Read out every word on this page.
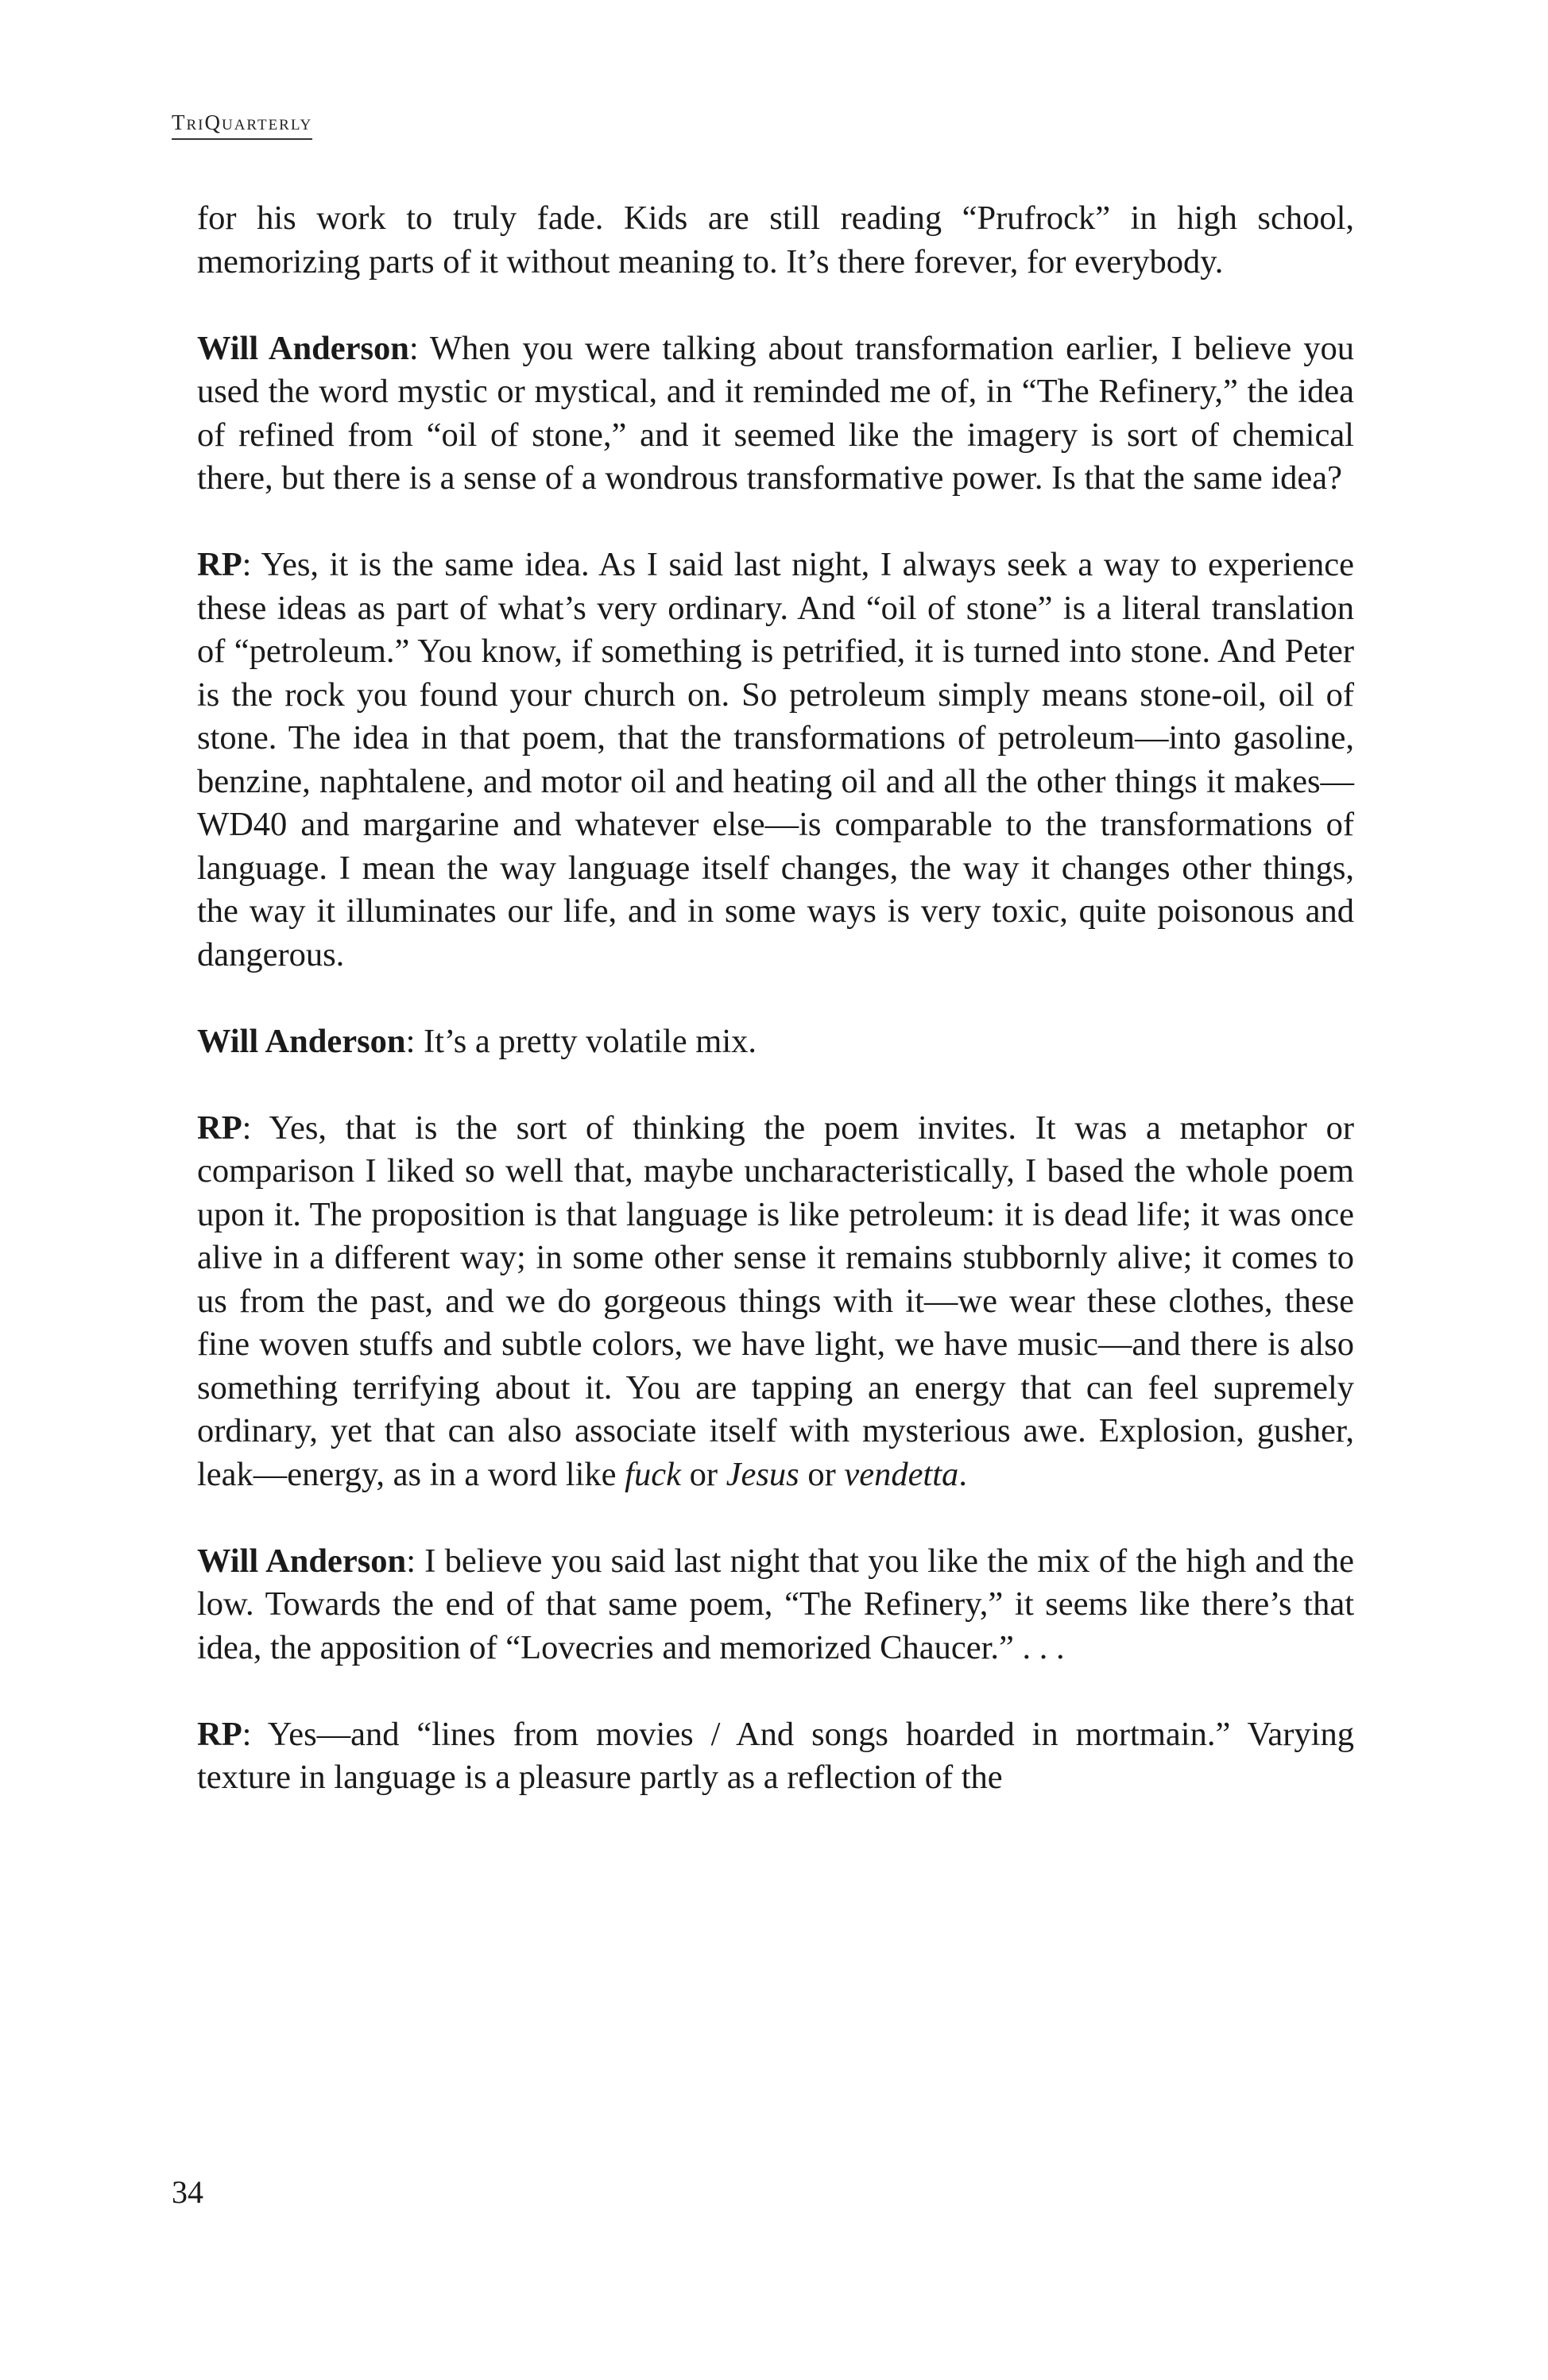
TriQuarterly

for his work to truly fade. Kids are still reading “Prufrock” in high school, memorizing parts of it without meaning to. It’s there forever, for everybody.

Will Anderson: When you were talking about transformation earlier, I believe you used the word mystic or mystical, and it reminded me of, in “The Refinery,” the idea of refined from “oil of stone,” and it seemed like the imagery is sort of chemical there, but there is a sense of a wondrous transformative power. Is that the same idea?

RP: Yes, it is the same idea. As I said last night, I always seek a way to experience these ideas as part of what’s very ordinary. And “oil of stone” is a literal translation of “petroleum.” You know, if something is petrified, it is turned into stone. And Peter is the rock you found your church on. So petroleum simply means stone-oil, oil of stone. The idea in that poem, that the transformations of petroleum—into gasoline, benzine, naphtalene, and motor oil and heating oil and all the other things it makes—WD40 and margarine and whatever else—is comparable to the transformations of language. I mean the way language itself changes, the way it changes other things, the way it illuminates our life, and in some ways is very toxic, quite poisonous and dangerous.

Will Anderson: It’s a pretty volatile mix.

RP: Yes, that is the sort of thinking the poem invites. It was a metaphor or comparison I liked so well that, maybe uncharacteristically, I based the whole poem upon it. The proposition is that language is like petroleum: it is dead life; it was once alive in a different way; in some other sense it remains stubbornly alive; it comes to us from the past, and we do gorgeous things with it—we wear these clothes, these fine woven stuffs and subtle colors, we have light, we have music—and there is also something terrifying about it. You are tapping an energy that can feel supremely ordinary, yet that can also associate itself with mysterious awe. Explosion, gusher, leak—energy, as in a word like fuck or Jesus or vendetta.

Will Anderson: I believe you said last night that you like the mix of the high and the low. Towards the end of that same poem, “The Refinery,” it seems like there’s that idea, the apposition of “Lovecries and memorized Chaucer.” . . .

RP: Yes—and “lines from movies / And songs hoarded in mortmain.” Varying texture in language is a pleasure partly as a reflection of the

34
